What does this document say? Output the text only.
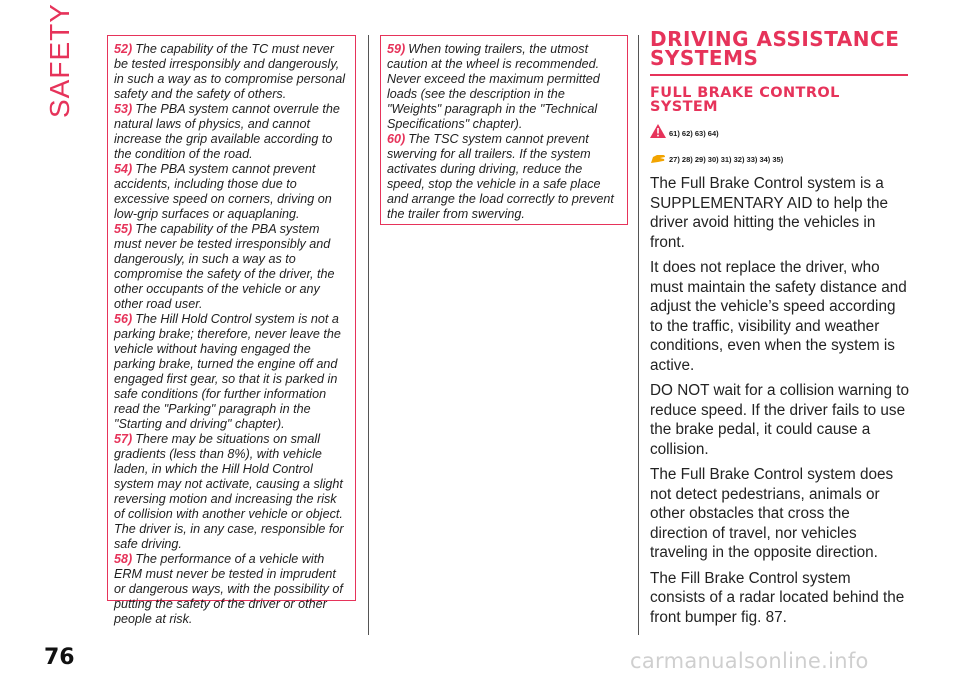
SAFETY	52) The capability of the TC must never be tested irresponsibly and dangerously, in such a way as to compromise personal safety and the safety of others.

53) The PBA system cannot overrule the natural laws of physics, and cannot increase the grip available according to the condition of the road.

54) The PBA system cannot prevent accidents, including those due to excessive speed on corners, driving on low-grip surfaces or aquaplaning.

55) The capability of the PBA system must never be tested irresponsibly and dangerously, in such a way as to compromise the safety of the driver, the other occupants of the vehicle or any other road user.

56) The Hill Hold Control system is not a parking brake; therefore, never leave the vehicle without having engaged the parking brake, turned the engine off and engaged first gear, so that it is parked in safe conditions (for further information read the "Parking" paragraph in the "Starting and driving" chapter).

57) There may be situations on small gradients (less than 8%), with vehicle laden, in which the Hill Hold Control system may not activate, causing a slight reversing motion and increasing the risk of collision with another vehicle or object. The driver is, in any case, responsible for safe driving.

58) The performance of a vehicle with ERM must never be tested in imprudent or dangerous ways, with the possibility of putting the safety of the driver or other people at risk.

59) When towing trailers, the utmost caution at the wheel is recommended. Never exceed the maximum permitted loads (see the description in the "Weights" paragraph in the "Technical Specifications" chapter).

60) The TSC system cannot prevent swerving for all trailers. If the system activates during driving, reduce the speed, stop the vehicle in a safe place and arrange the load correctly to prevent the trailer from swerving.

DRIVING ASSISTANCE SYSTEMS
FULL BRAKE CONTROL SYSTEM
61) 62) 63) 64)
27) 28) 29) 30) 31) 32) 33) 34) 35)

The Full Brake Control system is a SUPPLEMENTARY AID to help the driver avoid hitting the vehicles in front.

It does not replace the driver, who must maintain the safety distance and adjust the vehicle’s speed according to the traffic, visibility and weather conditions, even when the system is active.

DO NOT wait for a collision warning to reduce speed. If the driver fails to use the brake pedal, it could cause a collision.

The Full Brake Control system does not detect pedestrians, animals or other obstacles that cross the direction of travel, nor vehicles traveling in the opposite direction.

The Fill Brake Control system consists of a radar located behind the front bumper fig. 87.

76	carmanualsonline.info
